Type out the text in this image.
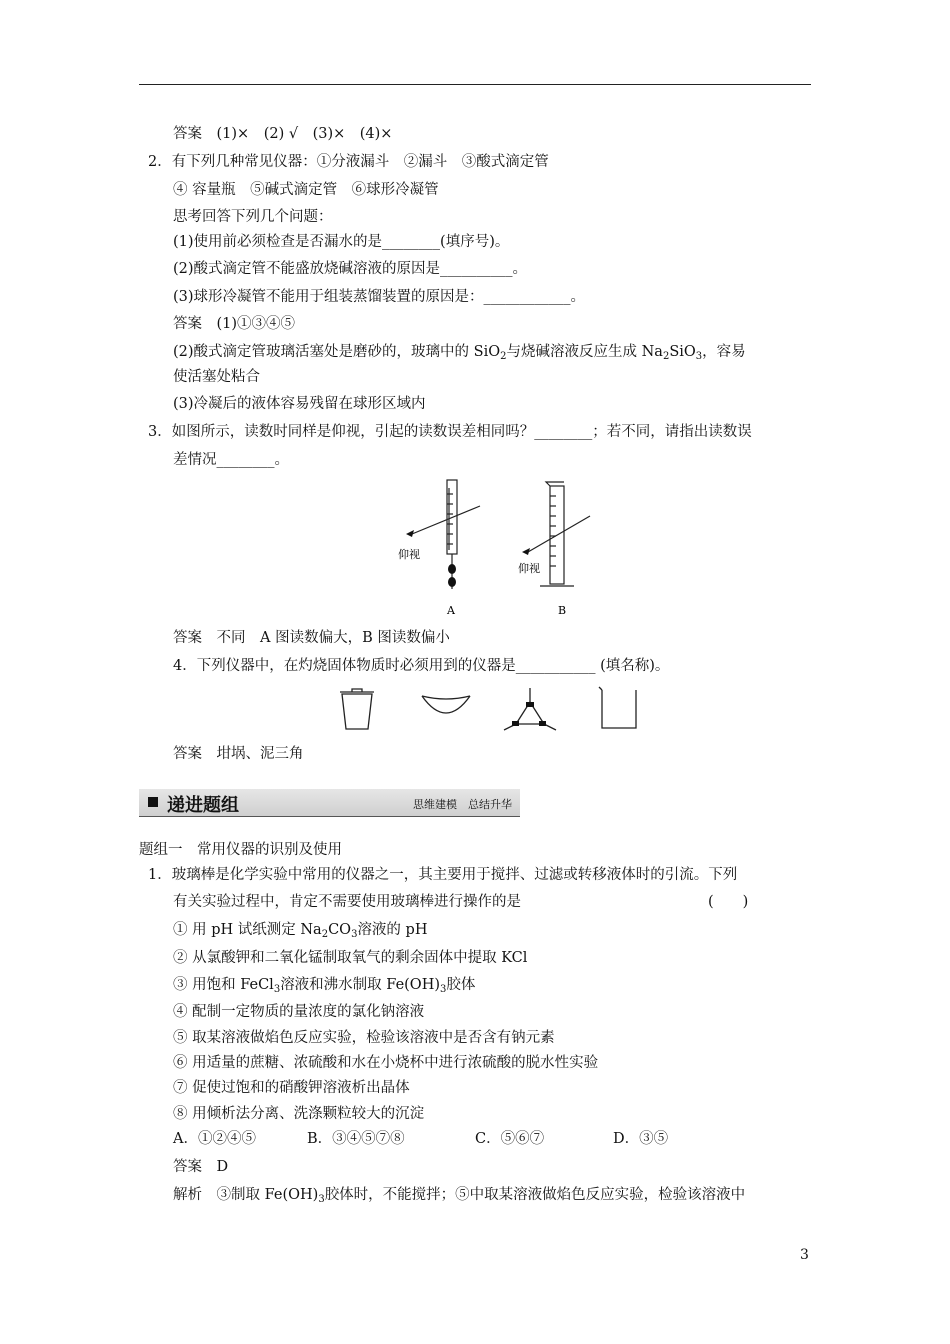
答案　(1)×　(2) √　(3)×　(4)×
2．有下列几种常见仪器：①分液漏斗　②漏斗　③酸式滴定管
④ 容量瓶　⑤碱式滴定管　⑥球形冷凝管
思考回答下列几个问题：
(1)使用前必须检查是否漏水的是________(填序号)。
(2)酸式滴定管不能盛放烧碱溶液的原因是__________。
(3)球形冷凝管不能用于组装蒸馏装置的原因是：____________。
答案　(1)①③④⑤
(2)酸式滴定管玻璃活塞处是磨砂的，玻璃中的 SiO$_2$与烧碱溶液反应生成 $Na_2SiO_3$，容易
使活塞处粘合
(3)冷凝后的液体容易残留在球形区域内
3．如图所示，读数时同样是仰视，引起的读数误差相同吗？________；若不同，请指出读数误
差情况________。
仰视
仰视
A	B
答案　不同　A 图读数偏大，B 图读数偏小
4．下列仪器中，在灼烧固体物质时必须用到的仪器是___________ (填名称)。
答案　坩埚、泥三角
递进题组	思维建模　总结升华
题组一　常用仪器的识别及使用
1．玻璃棒是化学实验中常用的仪器之一，其主要用于搅拌、过滤或转移液体时的引流。下列
有关实验过程中，肯定不需要使用玻璃棒进行操作的是	(　　)
① 用 pH 试纸测定 $Na_2CO_3$溶液的 pH
② 从氯酸钾和二氧化锰制取氧气的剩余固体中提取 KCl
③ 用饱和 FeCl$_3$溶液和沸水制取 $Fe(OH)_3$胶体
④ 配制一定物质的量浓度的氯化钠溶液
⑤ 取某溶液做焰色反应实验，检验该溶液中是否含有钠元素
⑥ 用适量的蔗糖、浓硫酸和水在小烧杯中进行浓硫酸的脱水性实验
⑦ 促使过饱和的硝酸钾溶液析出晶体
⑧ 用倾析法分离、洗涤颗粒较大的沉淀
A．①②④⑤	B．③④⑤⑦⑧	C．⑤⑥⑦	D．③⑤
答案　D
解析　③制取 $Fe(OH)_3$胶体时，不能搅拌；⑤中取某溶液做焰色反应实验，检验该溶液中
3
